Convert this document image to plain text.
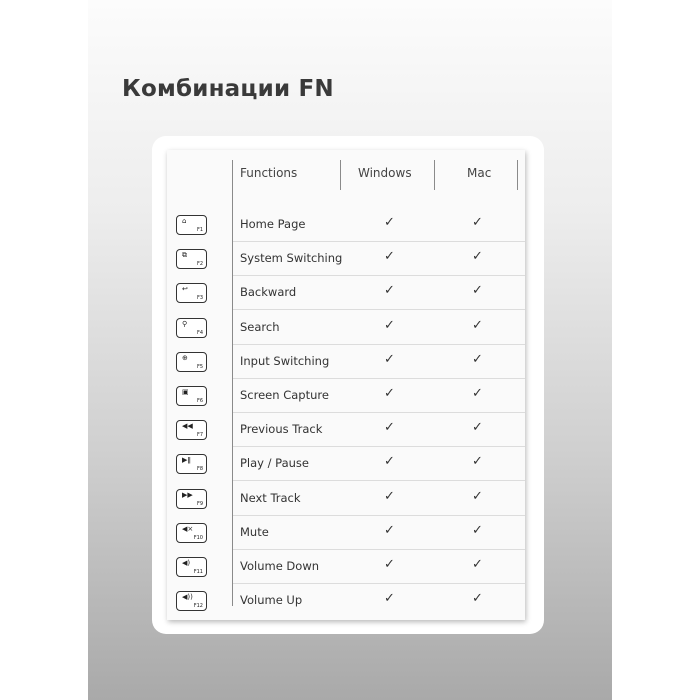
Комбинации FN
Functions	Windows	Mac
⌂
F1	Home Page	✓	✓
⧉
F2	System Switching	✓	✓
↩
F3	Backward	✓	✓
⚲
F4	Search	✓	✓
⊕
F5	Input Switching	✓	✓
▣
F6	Screen Capture	✓	✓
◀◀
F7	Previous Track	✓	✓
▶ǁ
F8	Play / Pause	✓	✓
▶▶
F9	Next Track	✓	✓
◀×
F10	Mute	✓	✓
◀)
F11	Volume Down	✓	✓
◀))
F12	Volume Up	✓	✓
